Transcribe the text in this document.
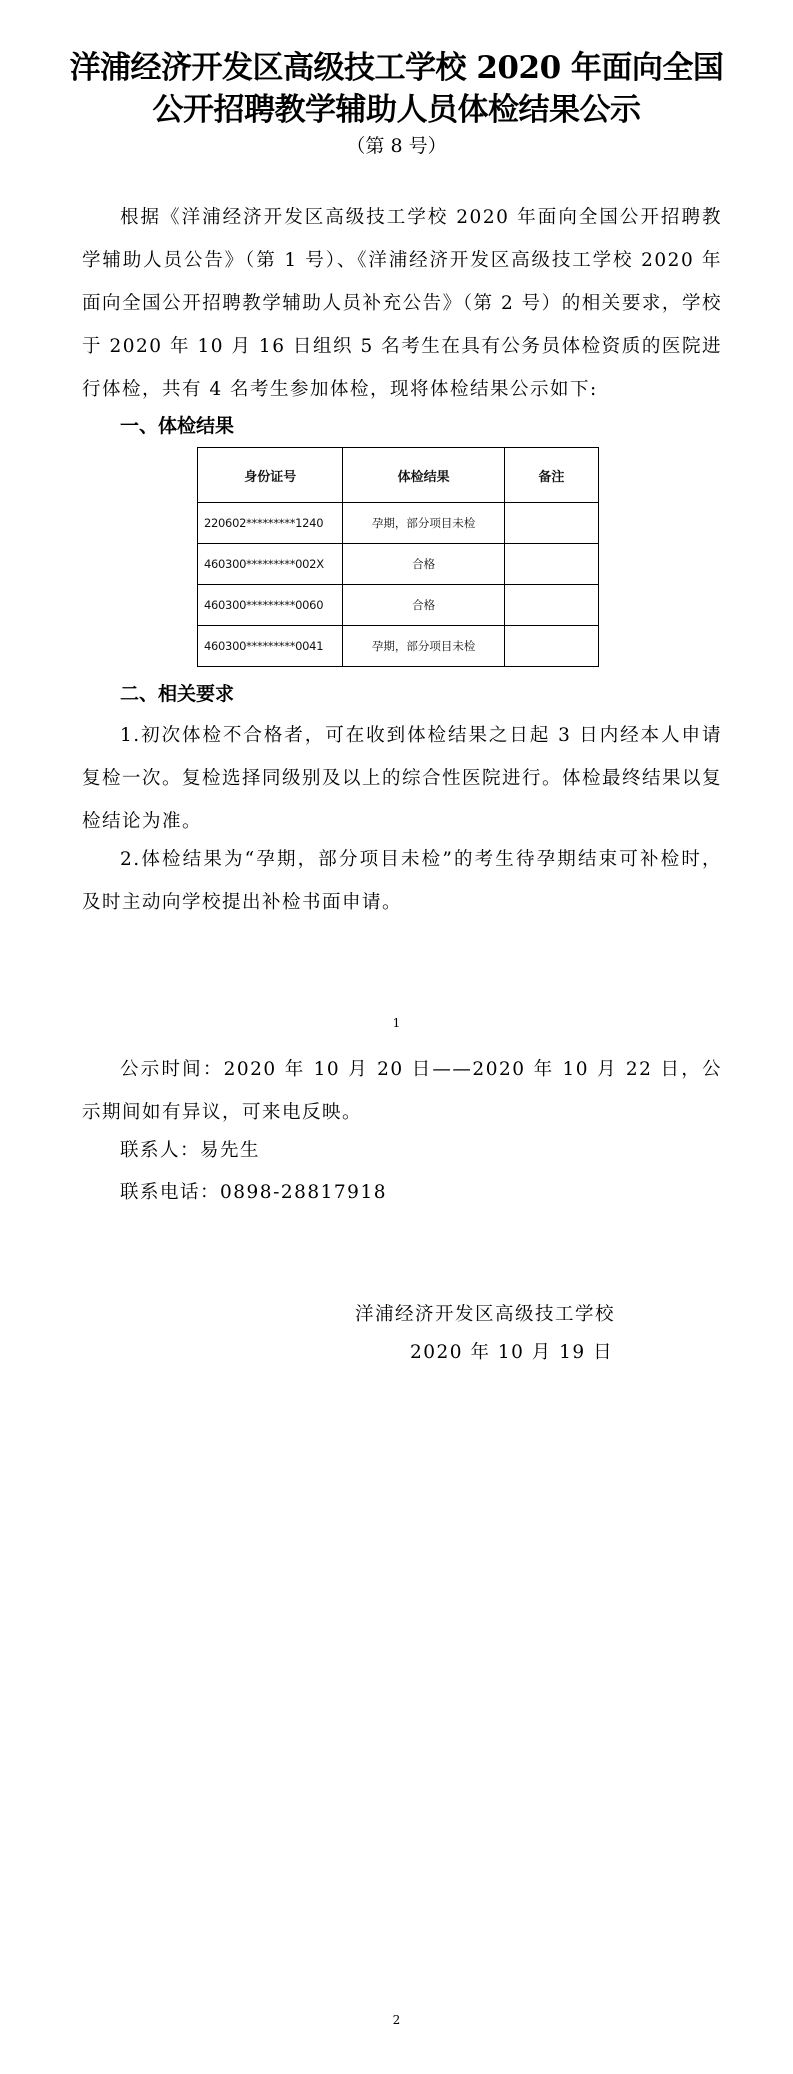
洋浦经济开发区高级技工学校 2020 年面向全国
公开招聘教学辅助人员体检结果公示
（第 8 号）
根据《洋浦经济开发区高级技工学校 2020 年面向全国公开招聘教学辅助人员公告》（第 1 号）、《洋浦经济开发区高级技工学校 2020 年面向全国公开招聘教学辅助人员补充公告》（第 2 号）的相关要求，学校于 2020 年 10 月 16 日组织 5 名考生在具有公务员体检资质的医院进行体检，共有 4 名考生参加体检，现将体检结果公示如下:
一、体检结果
身份证号	体检结果	备注
220602*********1240	孕期，部分项目未检	
460300*********002X	合格	
460300*********0060	合格	
460300*********0041	孕期，部分项目未检	
二、相关要求
1.初次体检不合格者，可在收到体检结果之日起 3 日内经本人申请复检一次。复检选择同级别及以上的综合性医院进行。体检最终结果以复检结论为准。
2.体检结果为“孕期，部分项目未检”的考生待孕期结束可补检时，及时主动向学校提出补检书面申请。
1
公示时间：2020 年 10 月 20 日——2020 年 10 月 22 日，公示期间如有异议，可来电反映。
联系人：易先生
联系电话：0898-28817918
洋浦经济开发区高级技工学校
2020 年 10 月 19 日
2
